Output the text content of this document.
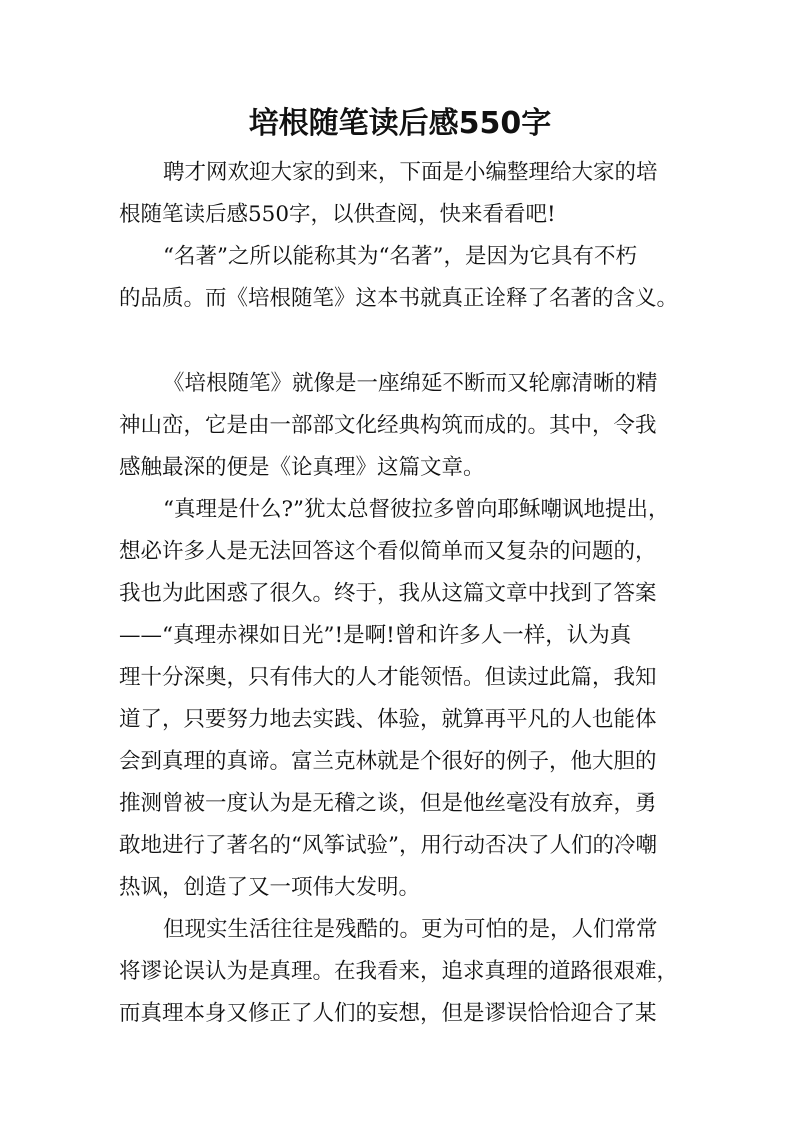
培根随笔读后感550字
聘才网欢迎大家的到来，下面是小编整理给大家的培
根随笔读后感550字，以供查阅，快来看看吧!
“名著”之所以能称其为“名著”，是因为它具有不朽
的品质。而《培根随笔》这本书就真正诠释了名著的含义。
《培根随笔》就像是一座绵延不断而又轮廓清晰的精
神山峦，它是由一部部文化经典构筑而成的。其中，令我
感触最深的便是《论真理》这篇文章。
“真理是什么?”犹太总督彼拉多曾向耶稣嘲讽地提出，
想必许多人是无法回答这个看似简单而又复杂的问题的，
我也为此困惑了很久。终于，我从这篇文章中找到了答案
——“真理赤裸如日光”!是啊!曾和许多人一样，认为真
理十分深奥，只有伟大的人才能领悟。但读过此篇，我知
道了，只要努力地去实践、体验，就算再平凡的人也能体
会到真理的真谛。富兰克林就是个很好的例子，他大胆的
推测曾被一度认为是无稽之谈，但是他丝毫没有放弃，勇
敢地进行了著名的“风筝试验”，用行动否决了人们的冷嘲
热讽，创造了又一项伟大发明。
但现实生活往往是残酷的。更为可怕的是，人们常常
将谬论误认为是真理。在我看来，追求真理的道路很艰难，
而真理本身又修正了人们的妄想，但是谬误恰恰迎合了某
